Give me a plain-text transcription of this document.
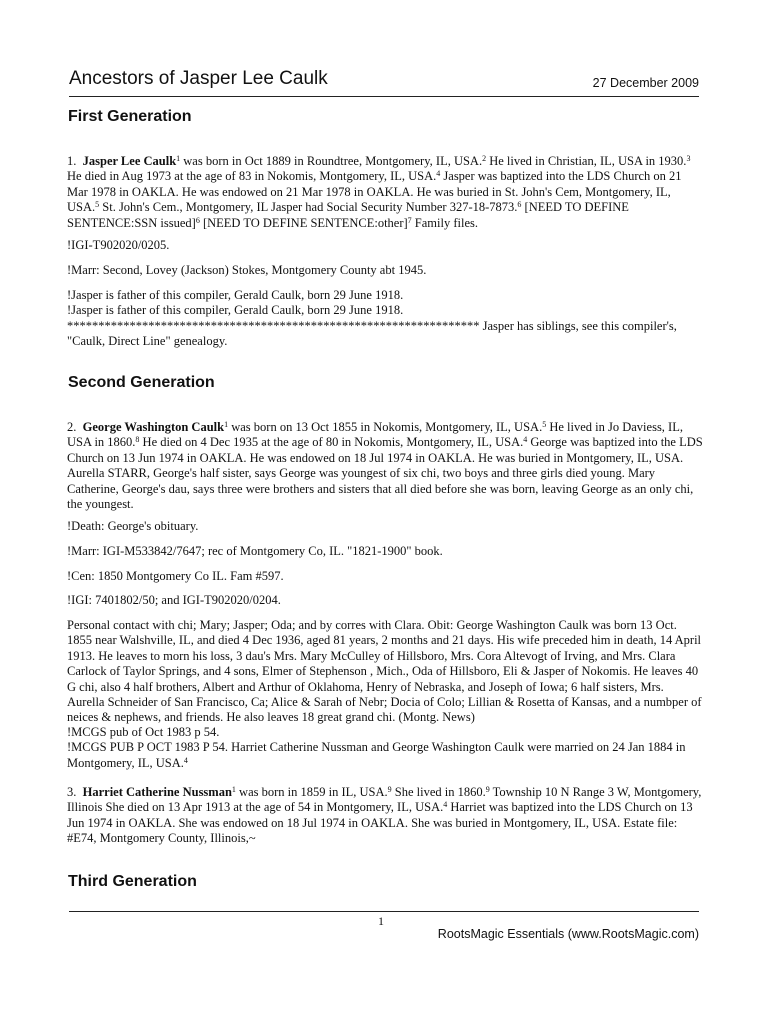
Ancestors of Jasper Lee Caulk	27 December 2009
First Generation

1. Jasper Lee Caulk$^1$ was born in Oct 1889 in Roundtree, Montgomery, IL, USA.$^2$ He lived in Christian, IL, USA in 1930.$^3$ He died in Aug 1973 at the age of 83 in Nokomis, Montgomery, IL, USA.$^4$ Jasper was baptized into the LDS Church on 21 Mar 1978 in OAKLA. He was endowed on 21 Mar 1978 in OAKLA. He was buried in St. John's Cem, Montgomery, IL, USA.$^5$ St. John's Cem., Montgomery, IL Jasper had Social Security Number 327-18-7873.$^6$ [NEED TO DEFINE SENTENCE:SSN issued]$^6$ [NEED TO DEFINE SENTENCE:other]$^7$ Family files.

!IGI-T902020/0205.

!Marr: Second, Lovey (Jackson) Stokes, Montgomery County abt 1945.

!Jasper is father of this compiler, Gerald Caulk, born 29 June 1918.
!Jasper is father of this compiler, Gerald Caulk, born 29 June 1918.
****************************************************************** Jasper has siblings, see this compiler's, "Caulk, Direct Line" genealogy.

Second Generation

2. George Washington Caulk$^1$ was born on 13 Oct 1855 in Nokomis, Montgomery, IL, USA.$^5$ He lived in Jo Daviess, IL, USA in 1860.$^8$ He died on 4 Dec 1935 at the age of 80 in Nokomis, Montgomery, IL, USA.$^4$ George was baptized into the LDS Church on 13 Jun 1974 in OAKLA. He was endowed on 18 Jul 1974 in OAKLA. He was buried in Montgomery, IL, USA. Aurella STARR, George's half sister, says George was youngest of six chi, two boys and three girls died young. Mary Catherine, George's dau, says three were brothers and sisters that all died before she was born, leaving George as an only chi, the youngest.

!Death: George's obituary.

!Marr: IGI-M533842/7647; rec of Montgomery Co, IL. "1821-1900" book.

!Cen: 1850 Montgomery Co IL. Fam #597.

!IGI: 7401802/50; and IGI-T902020/0204.

Personal contact with chi; Mary; Jasper; Oda; and by corres with Clara. Obit: George Washington Caulk was born 13 Oct. 1855 near Walshville, IL, and died 4 Dec 1936, aged 81 years, 2 months and 21 days. His wife preceded him in death, 14 April 1913. He leaves to morn his loss, 3 dau's Mrs. Mary McCulley of Hillsboro, Mrs. Cora Altevogt of Irving, and Mrs. Clara Carlock of Taylor Springs, and 4 sons, Elmer of Stephenson , Mich., Oda of Hillsboro, Eli & Jasper of Nokomis. He leaves 40 G chi, also 4 half brothers, Albert and Arthur of Oklahoma, Henry of Nebraska, and Joseph of Iowa; 6 half sisters, Mrs. Aurella Schneider of San Francisco, Ca; Alice & Sarah of Nebr; Docia of Colo; Lillian & Rosetta of Kansas, and a numbper of neices & nephews, and friends. He also leaves 18 great grand chi. (Montg. News)

!MCGS pub of Oct 1983 p 54.
!MCGS PUB P OCT 1983 P 54. Harriet Catherine Nussman and George Washington Caulk were married on 24 Jan 1884 in Montgomery, IL, USA.$^4$

3. Harriet Catherine Nussman$^1$ was born in 1859 in IL, USA.$^9$ She lived in 1860.$^9$ Township 10 N Range 3 W, Montgomery, Illinois She died on 13 Apr 1913 at the age of 54 in Montgomery, IL, USA.$^4$ Harriet was baptized into the LDS Church on 13 Jun 1974 in OAKLA. She was endowed on 18 Jul 1974 in OAKLA. She was buried in Montgomery, IL, USA. Estate file: #E74, Montgomery County, Illinois,~

Third Generation
1
RootsMagic Essentials (www.RootsMagic.com)
